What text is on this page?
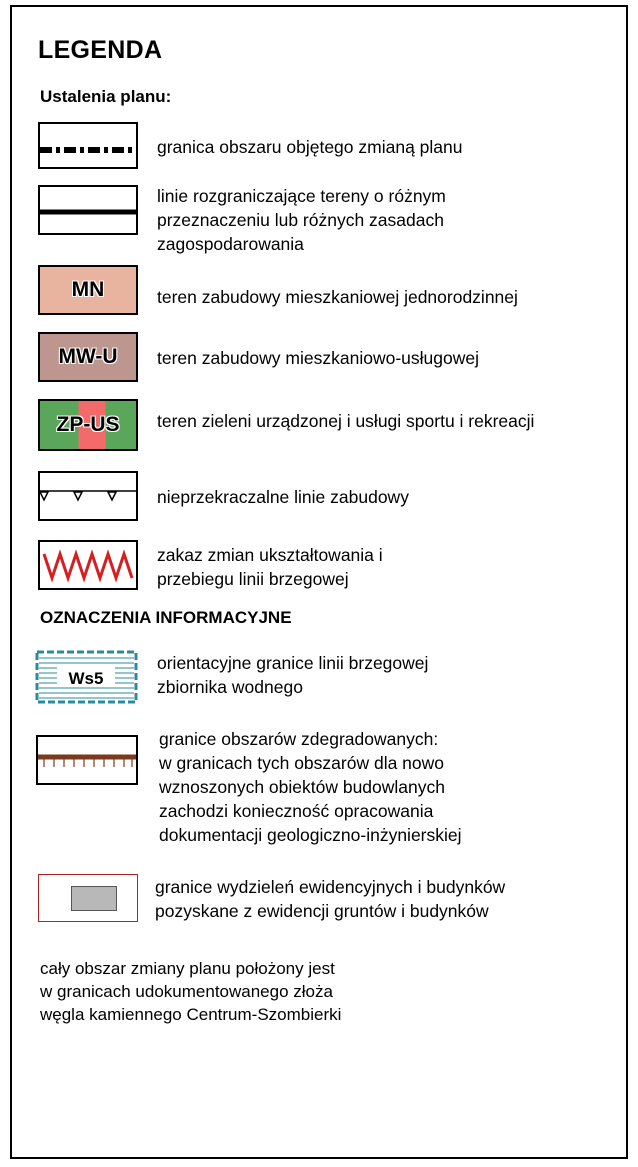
LEGENDA
Ustalenia planu:
granica obszaru objętego zmianą planu
linie rozgraniczające tereny o różnym
przeznaczeniu lub różnych zasadach
zagospodarowania
MN	teren zabudowy mieszkaniowej jednorodzinnej
MW-U teren zabudowy mieszkaniowo-usługowej
ZP-US teren zieleni urządzonej i usługi sportu i rekreacji
nieprzekraczalne linie zabudowy
zakaz zmian ukształtowania i
przebiegu linii brzegowej
OZNACZENIA INFORMACYJNE
Ws5
orientacyjne granice linii brzegowej
zbiornika wodnego
granice obszarów zdegradowanych:
w granicach tych obszarów dla nowo
wznoszonych obiektów budowlanych
zachodzi konieczność opracowania
dokumentacji geologiczno-inżynierskiej
granice wydzieleń ewidencyjnych i budynków
pozyskane z ewidencji gruntów i budynków
cały obszar zmiany planu położony jest
w granicach udokumentowanego złoża
węgla kamiennego Centrum-Szombierki
